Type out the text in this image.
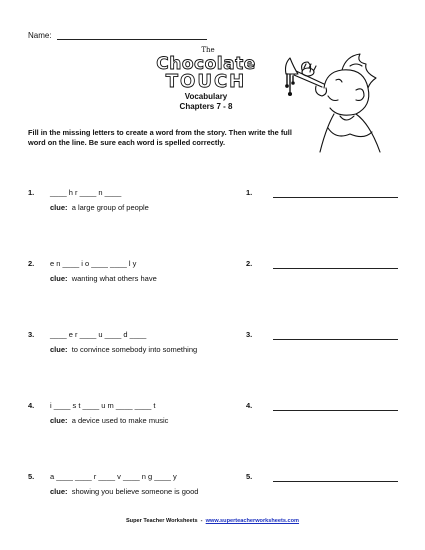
Name:
The
Chocolate
TOUCH
Vocabulary
Chapters 7 - 8
Fill in the missing letters to create a word from the story. Then write the full word on the line. Be sure each word is spelled correctly.
1. ____ h r ____ n ____
clue: a large group of people
1.
2. e n ____ i o ____ ____ l y
clue: wanting what others have
2.
3. ____ e r ____ u ____ d ____
clue: to convince somebody into something
3.
4. i ____ s t ____ u m ____ ____ t
clue: a device used to make music
4.
5. a ____ ____ r ____ v ____ n g ____ y
clue: showing you believe someone is good
5.
Super Teacher Worksheets - www.superteacherworksheets.com
